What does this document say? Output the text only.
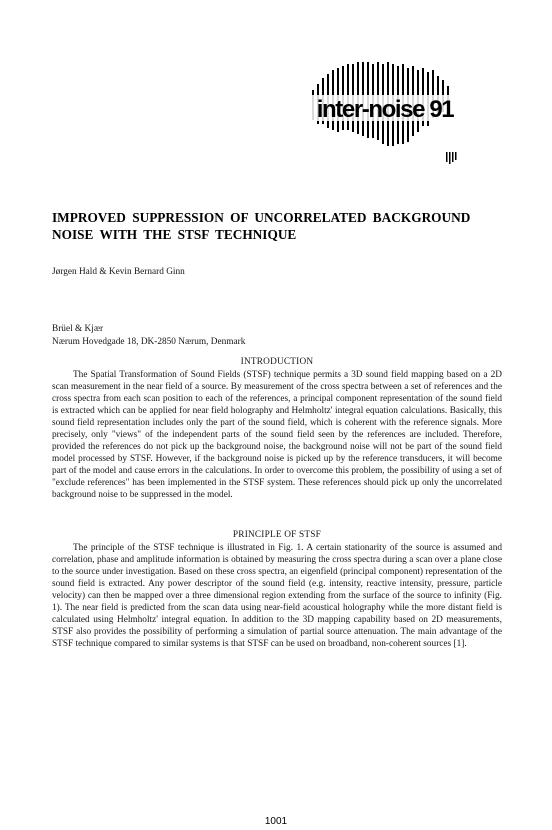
inter-noise 91
IMPROVED SUPPRESSION OF UNCORRELATED BACKGROUND
NOISE WITH THE STSF TECHNIQUE
Jørgen Hald & Kevin Bernard Ginn
Brüel & Kjær
Nærum Hovedgade 18, DK-2850 Nærum, Denmark
INTRODUCTION

The Spatial Transformation of Sound Fields (STSF) technique permits a 3D sound field mapping based on a 2D scan measurement in the near field of a source. By measurement of the cross spectra between a set of references and the cross spectra from each scan position to each of the references, a principal component representation of the sound field is extracted which can be applied for near field holography and Helmholtz' integral equation calculations. Basically, this sound field representation includes only the part of the sound field, which is coherent with the reference signals. More precisely, only "views" of the independent parts of the sound field seen by the references are included. Therefore, provided the references do not pick up the background noise, the background noise will not be part of the sound field model processed by STSF. However, if the background noise is picked up by the reference transducers, it will become part of the model and cause errors in the calculations. In order to overcome this problem, the possibility of using a set of "exclude references" has been implemented in the STSF system. These references should pick up only the uncorrelated background noise to be suppressed in the model.

PRINCIPLE OF STSF

The principle of the STSF technique is illustrated in Fig. 1. A certain stationarity of the source is assumed and correlation, phase and amplitude information is obtained by measuring the cross spectra during a scan over a plane close to the source under investigation. Based on these cross spectra, an eigenfield (principal component) representation of the sound field is extracted. Any power descriptor of the sound field (e.g. intensity, reactive intensity, pressure, particle velocity) can then be mapped over a three dimensional region extending from the surface of the source to infinity (Fig. 1). The near field is predicted from the scan data using near-field acoustical holography while the more distant field is calculated using Helmholtz' integral equation. In addition to the 3D mapping capability based on 2D measurements, STSF also provides the possibility of performing a simulation of partial source attenuation. The main advantage of the STSF technique compared to similar systems is that STSF can be used on broadband, non-coherent sources [1].

1001
